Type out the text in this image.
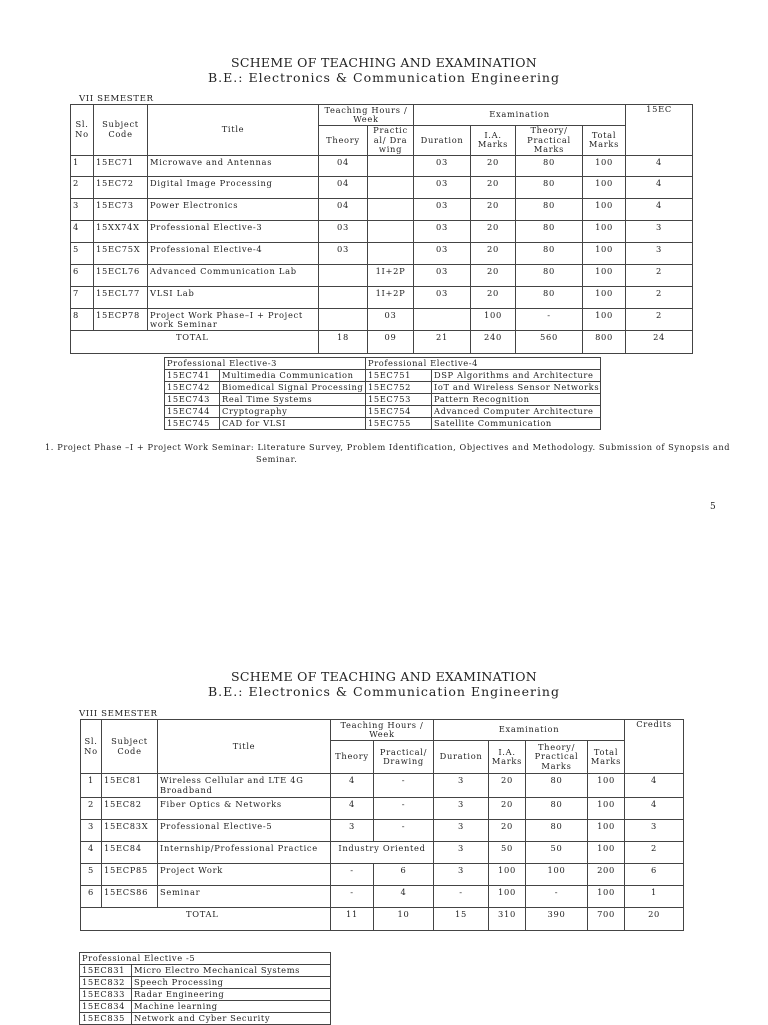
SCHEME OF TEACHING AND EXAMINATION
B.E.: Electronics & Communication Engineering
VII SEMESTER
Sl. No	Subject Code	Title	Teaching Hours / Week		Examination				15EC
			Theory	Practic al/ Dra wing	Duration	I.A. Marks	Theory/ Practical Marks	Total Marks	
1	15EC71	Microwave and Antennas	04		03	20	80	100	4
2	15EC72	Digital Image Processing	04		03	20	80	100	4
3	15EC73	Power Electronics	04		03	20	80	100	4
4	15XX74X	Professional Elective-3	03		03	20	80	100	3
5	15EC75X	Professional Elective-4	03		03	20	80	100	3
6	15ECL76	Advanced Communication Lab		1I+2P	03	20	80	100	2
7	15ECL77	VLSI Lab		1I+2P	03	20	80	100	2
8	15ECP78	Project Work Phase–I + Project work Seminar		03		100	-	100	2
TOTAL			18	09	21	240	560	800	24
Professional Elective-3		Professional Elective-4	
15EC741	Multimedia Communication	15EC751	DSP Algorithms and Architecture
15EC742	Biomedical Signal Processing	15EC752	IoT and Wireless Sensor Networks
15EC743	Real Time Systems	15EC753	Pattern Recognition
15EC744	Cryptography	15EC754	Advanced Computer Architecture
15EC745	CAD for VLSI	15EC755	Satellite Communication
1. Project Phase –I + Project Work Seminar: Literature Survey, Problem Identification, Objectives and Methodology. Submission of Synopsis and
Seminar.
5
SCHEME OF TEACHING AND EXAMINATION
B.E.: Electronics & Communication Engineering
VIII SEMESTER
Sl. No	Subject Code	Title	Teaching Hours / Week		Examination				Credits
			Theory	Practical/ Drawing	Duration	I.A. Marks	Theory/ Practical Marks	Total Marks	
1	15EC81	Wireless Cellular and LTE 4G Broadband	4	-	3	20	80	100	4
2	15EC82	Fiber Optics & Networks	4	-	3	20	80	100	4
3	15EC83X	Professional Elective-5	3	-	3	20	80	100	3
4	15EC84	Internship/Professional Practice	Industry Oriented		3	50	50	100	2
5	15ECP85	Project Work	-	6	3	100	100	200	6
6	15ECS86	Seminar	-	4	-	100	-	100	1
TOTAL			11	10	15	310	390	700	20
Professional Elective -5	
15EC831	Micro Electro Mechanical Systems
15EC832	Speech Processing
15EC833	Radar Engineering
15EC834	Machine learning
15EC835	Network and Cyber Security
